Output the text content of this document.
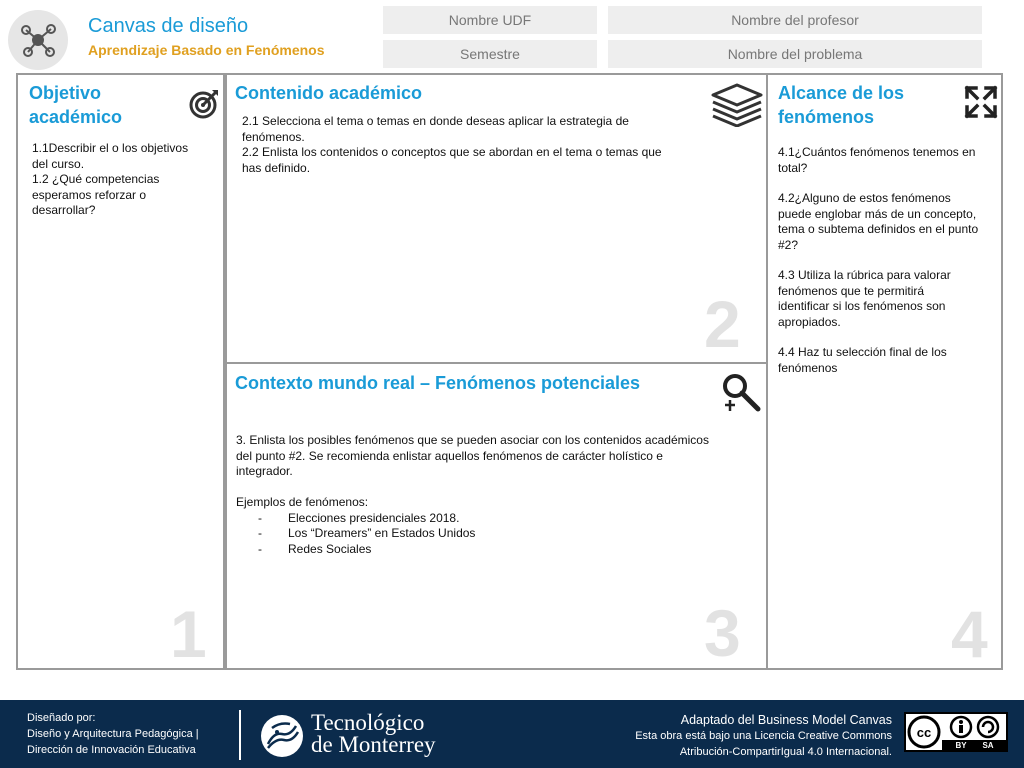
Canvas de diseño
Aprendizaje Basado en Fenómenos
Nombre UDF	Nombre del profesor
Semestre	Nombre del problema
Objetivo
académico

1.1Describir el o los objetivos

del curso.

1.2 ¿Qué competencias

esperamos reforzar o

desarrollar?

1
Contenido académico

2.1 Selecciona el tema o temas en donde deseas aplicar la estrategia de

fenómenos.

2.2 Enlista los contenidos o conceptos que se abordan en el tema o temas que

has definido.

2
Contexto mundo real – Fenómenos potenciales

3. Enlista los posibles fenómenos que se pueden asociar con los contenidos académicos

del punto #2. Se recomienda enlistar aquellos fenómenos de carácter holístico e

integrador.

Ejemplos de fenómenos:

- Elecciones presidenciales 2018.
- Los “Dreamers” en Estados Unidos
- Redes Sociales
3
Alcance de los
fenómenos

4.1¿Cuántos fenómenos tenemos en

total?

4.2¿Alguno de estos fenómenos

puede englobar más de un concepto,

tema o subtema definidos en el punto

#2?

4.3 Utiliza la rúbrica para valorar

fenómenos que te permitirá

identificar si los fenómenos son

apropiados.

4.4 Haz tu selección final de los

fenómenos

4
Diseñado por:
Diseño y Arquitectura Pedagógica |
Dirección de Innovación Educativa
Tecnológico
de Monterrey
Adaptado del Business Model Canvas
Esta obra está bajo una Licencia Creative Commons
Atribución-CompartirIgual 4.0 Internacional.
cc
BY SA
